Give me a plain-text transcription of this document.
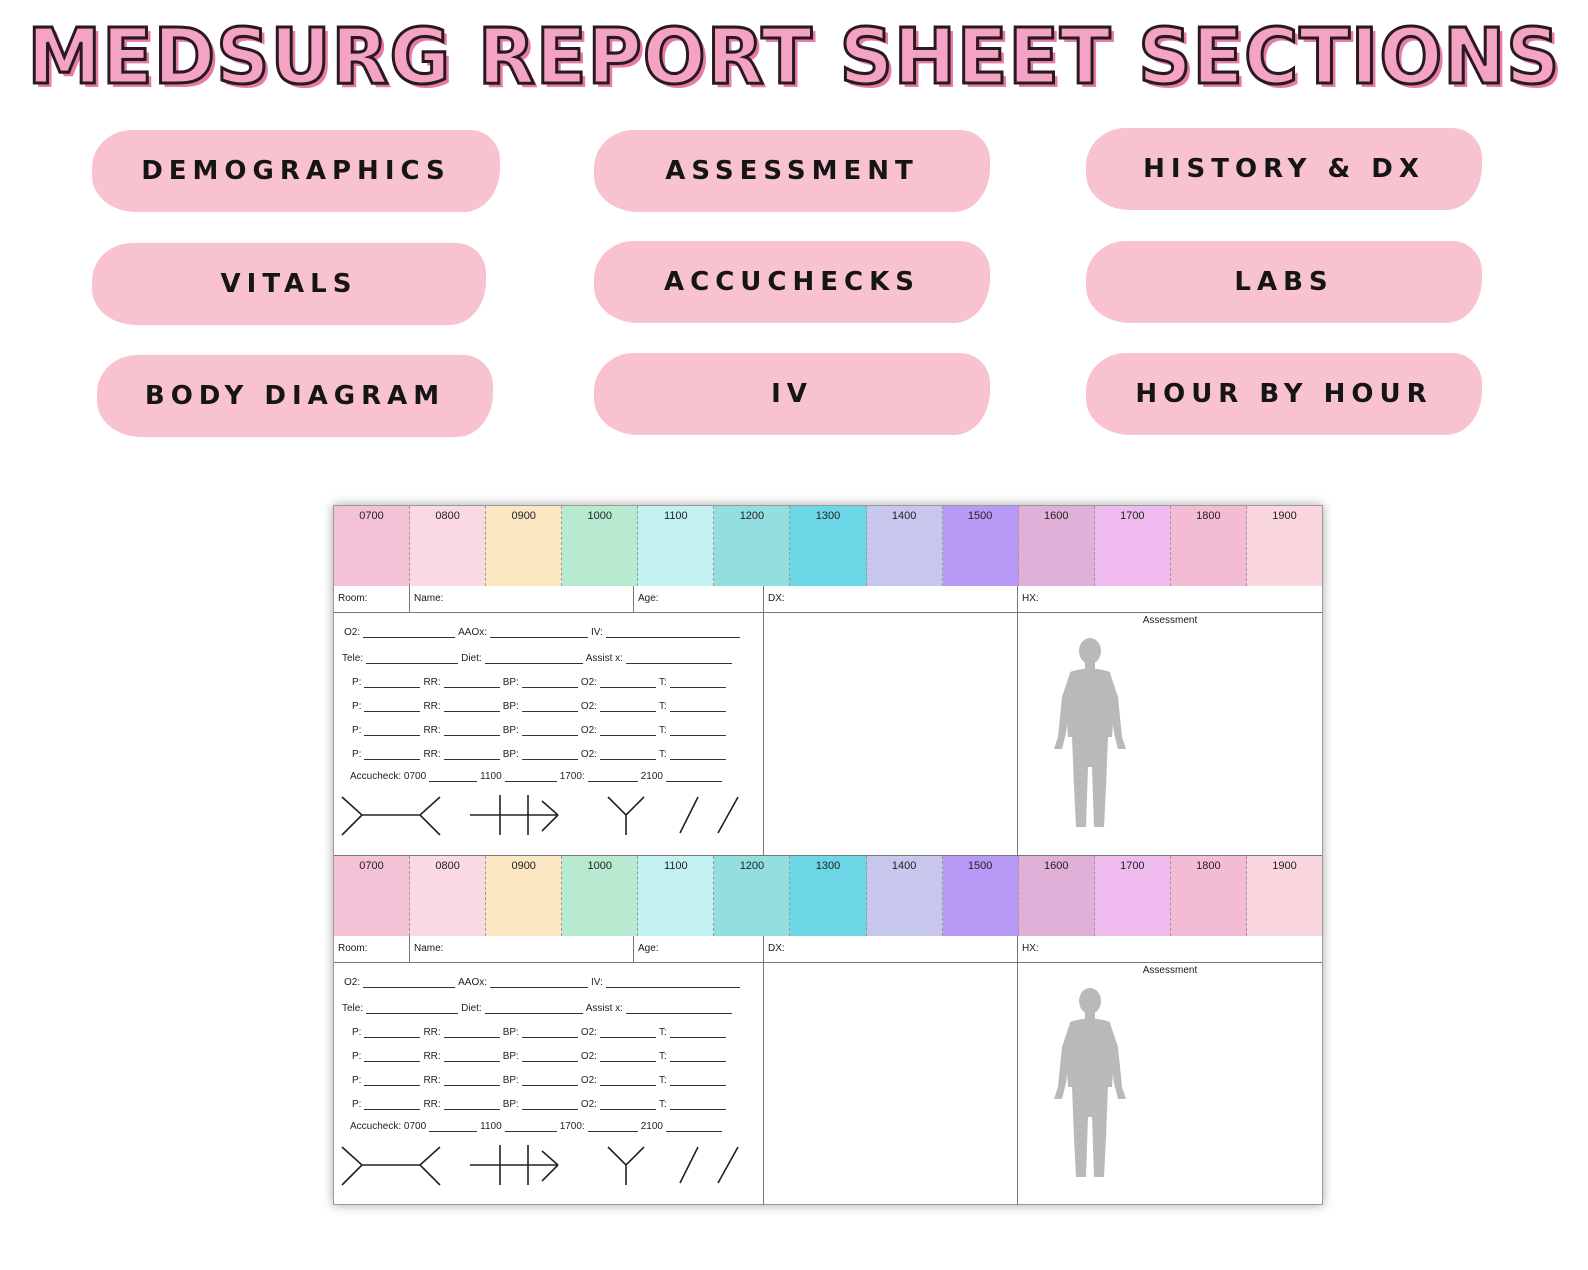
MEDSURG REPORT SHEET SECTIONS
DEMOGRAPHICS	ASSESSMENT	HISTORY & DX
VITALS	ACCUCHECKS	LABS
BODY DIAGRAM	IV	HOUR BY HOUR
0700	0800	0900	1000	1100	1200	1300	1400	1500	1600	1700	1800	1900
Room:	Name:	Age:	DX:	HX:
O2:	AAOx:	IV:
Tele:	Diet:	Assist x:
P:	RR:	BP:	O2:	T:
P:	RR:	BP:	O2:	T:
P:	RR:	BP:	O2:	T:
P:	RR:	BP:	O2:	T:
Accucheck: 0700	1100	1700:	2100
Assessment
0700	0800	0900	1000	1100	1200	1300	1400	1500	1600	1700	1800	1900
Room:	Name:	Age:	DX:	HX:
O2:	AAOx:	IV:
Tele:	Diet:	Assist x:
P:	RR:	BP:	O2:	T:
P:	RR:	BP:	O2:	T:
P:	RR:	BP:	O2:	T:
P:	RR:	BP:	O2:	T:
Accucheck: 0700	1100	1700:	2100
Assessment
